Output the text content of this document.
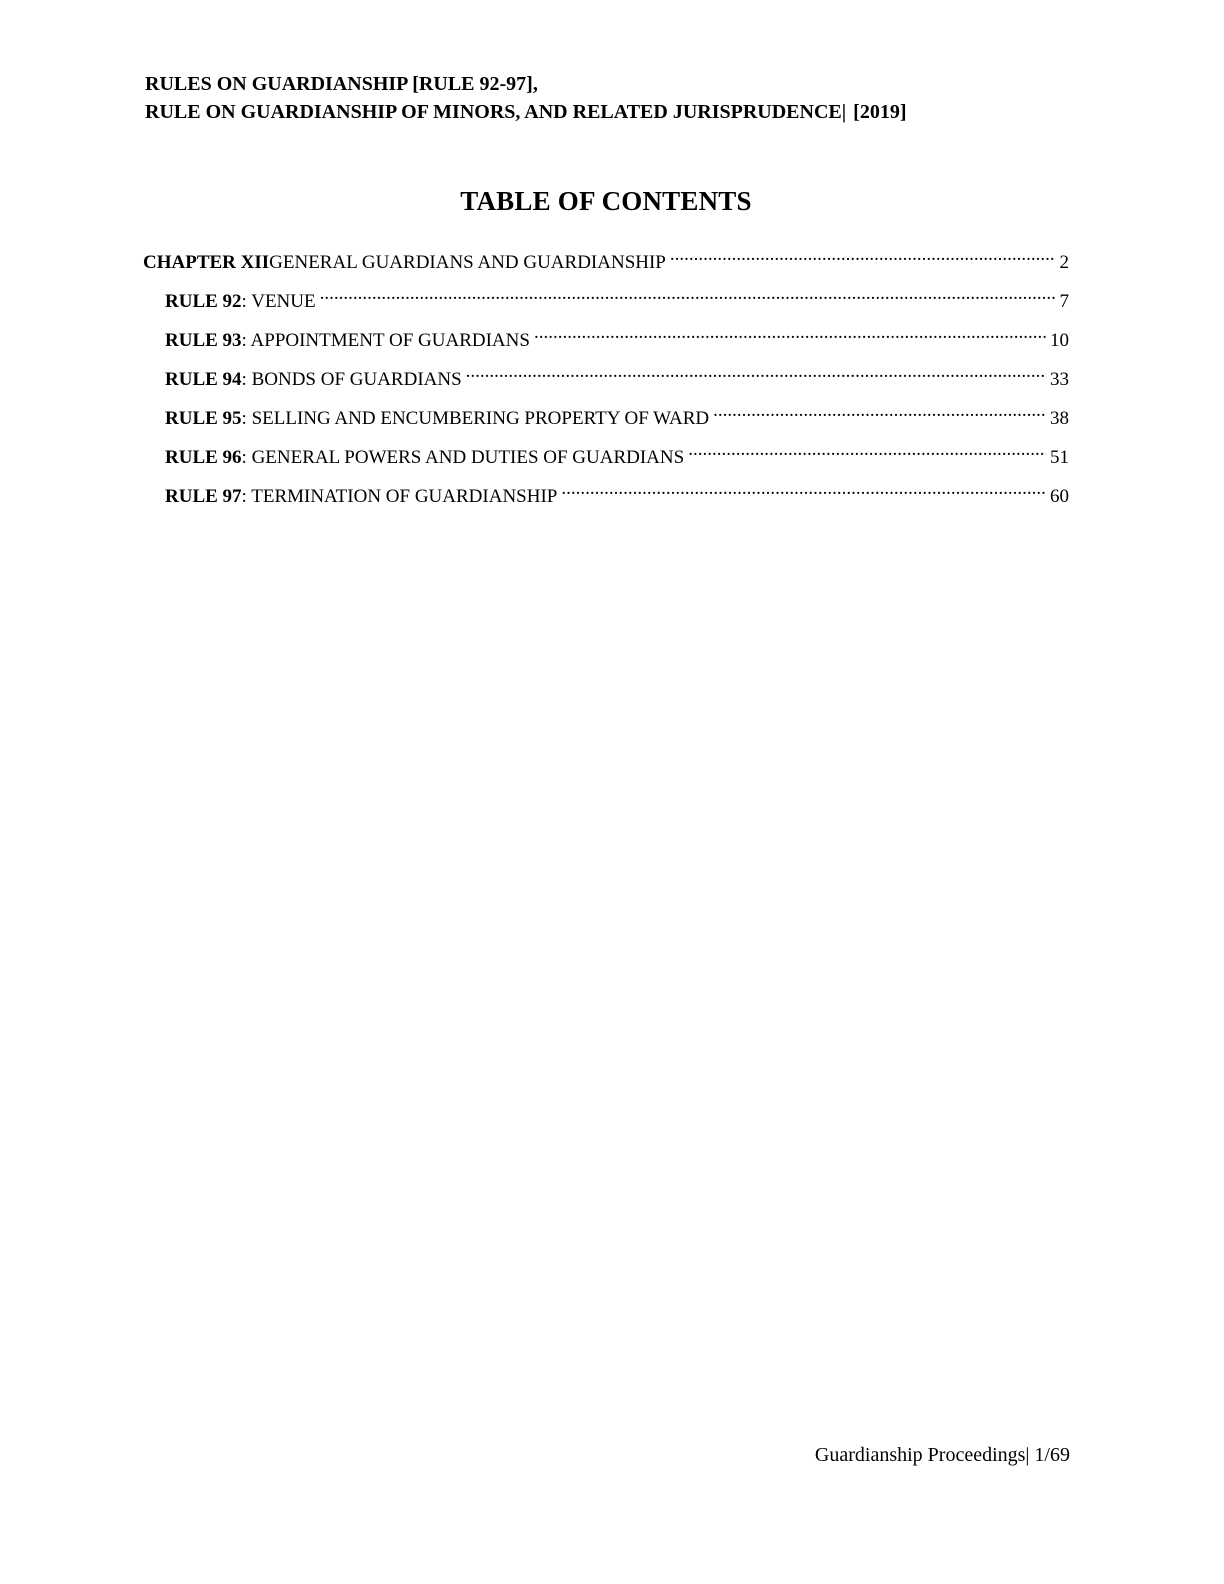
RULES ON GUARDIANSHIP [RULE 92-97],
RULE ON GUARDIANSHIP OF MINORS, AND RELATED JURISPRUDENCE| [2019]
TABLE OF CONTENTS
CHAPTER XII GENERAL GUARDIANS AND GUARDIANSHIP .....	2
RULE 92 : VENUE .....	7
RULE 93 : APPOINTMENT OF GUARDIANS .....	10
RULE 94 : BONDS OF GUARDIANS .....	33
RULE 95 : SELLING AND ENCUMBERING PROPERTY OF WARD .....	38
RULE 96 : GENERAL POWERS AND DUTIES OF GUARDIANS .....	51
RULE 97 : TERMINATION OF GUARDIANSHIP .....	60
Guardianship Proceedings| 1/69
